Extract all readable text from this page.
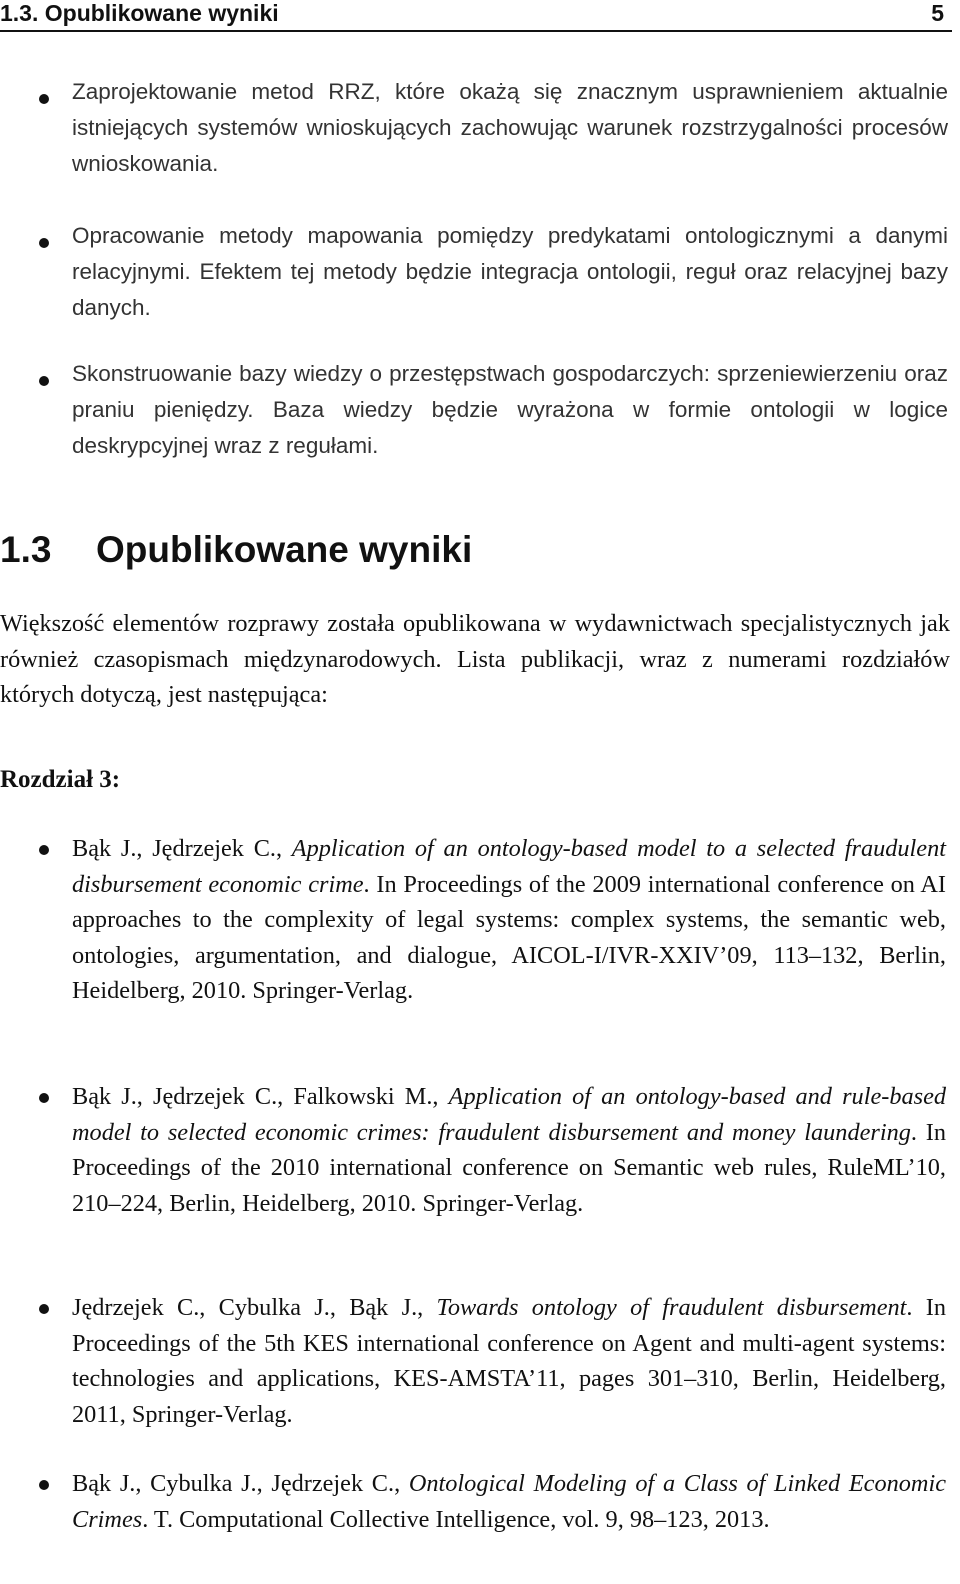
1.3. Opublikowane wyniki	5
Zaprojektowanie metod RRZ, które okażą się znacznym usprawnieniem aktualnie istniejących systemów wnioskujących zachowując warunek rozstrzygalności procesów wnioskowania.
Opracowanie metody mapowania pomiędzy predykatami ontologicznymi a danymi relacyjnymi. Efektem tej metody będzie integracja ontologii, reguł oraz relacyjnej bazy danych.
Skonstruowanie bazy wiedzy o przestępstwach gospodarczych: sprzeniewierzeniu oraz praniu pieniędzy. Baza wiedzy będzie wyrażona w formie ontologii w logice deskrypcyjnej wraz z regułami.
1.3 Opublikowane wyniki
Większość elementów rozprawy została opublikowana w wydawnictwach specjalistycznych jak również czasopismach międzynarodowych. Lista publikacji, wraz z numerami rozdziałów których dotyczą, jest następująca:
Rozdział 3:
Bąk J., Jędrzejek C., Application of an ontology-based model to a selected fraudulent disbursement economic crime. In Proceedings of the 2009 international conference on AI approaches to the complexity of legal systems: complex systems, the semantic web, ontologies, argumentation, and dialogue, AICOL-I/IVR-XXIV’09, 113–132, Berlin, Heidelberg, 2010. Springer-Verlag.
Bąk J., Jędrzejek C., Falkowski M., Application of an ontology-based and rule-based model to selected economic crimes: fraudulent disbursement and money laundering. In Proceedings of the 2010 international conference on Semantic web rules, RuleML’10, 210–224, Berlin, Heidelberg, 2010. Springer-Verlag.
Jędrzejek C., Cybulka J., Bąk J., Towards ontology of fraudulent disbursement. In Proceedings of the 5th KES international conference on Agent and multi-agent systems: technologies and applications, KES-AMSTA’11, pages 301–310, Berlin, Heidelberg, 2011, Springer-Verlag.
Bąk J., Cybulka J., Jędrzejek C., Ontological Modeling of a Class of Linked Economic Crimes. T. Computational Collective Intelligence, vol. 9, 98–123, 2013.
